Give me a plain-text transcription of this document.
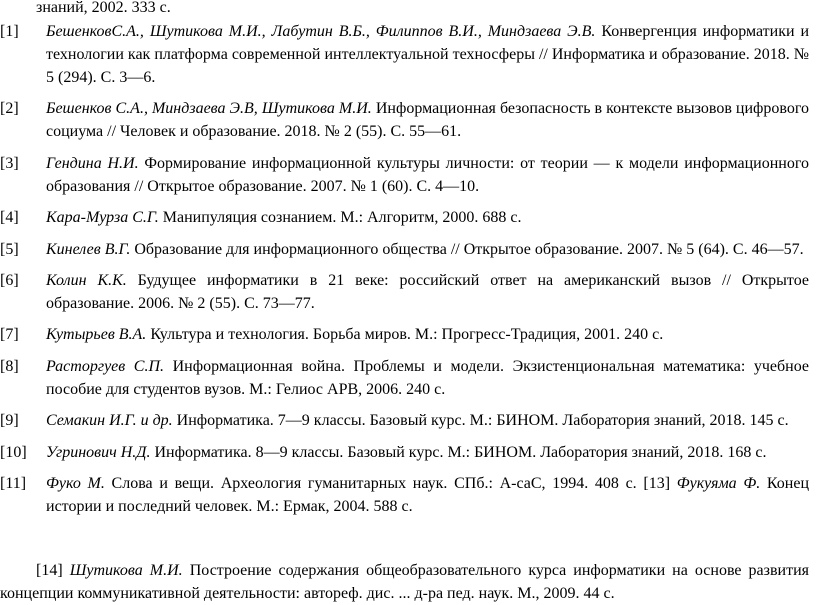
знаний, 2002. 333 с.

[1] БешенковС.А., Шутикова М.И., Лабутин В.Б., Филиппов В.И., Миндзаева Э.В. Конвергенция информатики и технологии как платформа современной интеллектуальной техносферы // Информатика и образование. 2018. № 5 (294). С. 3—6.
[2] Бешенков С.А., Миндзаева Э.В, Шутикова М.И. Информационная безопасность в контексте вызовов цифрового социума // Человек и образование. 2018. № 2 (55). С. 55—61.
[3] Гендина Н.И. Формирование информационной культуры личности: от теории — к модели информационного образования // Открытое образование. 2007. № 1 (60). С. 4—10.
[4] Кара-Мурза С.Г. Манипуляция сознанием. М.: Алгоритм, 2000. 688 с.
[5] Кинелев В.Г. Образование для информационного общества // Открытое образование. 2007. № 5 (64). С. 46—57.
[6] Колин К.К. Будущее информатики в 21 веке: российский ответ на американский вызов // Открытое образование. 2006. № 2 (55). С. 73—77.
[7] Кутырьев В.А. Культура и технология. Борьба миров. М.: Прогресс-Традиция, 2001. 240 с.
[8] Расторгуев С.П. Информационная война. Проблемы и модели. Экзистенциональная математика: учебное пособие для студентов вузов. М.: Гелиос АРВ, 2006. 240 с.
[9] Семакин И.Г. и др. Информатика. 7—9 классы. Базовый курс. М.: БИНОМ. Лаборатория знаний, 2018. 145 с.
[10] Угринович Н.Д. Информатика. 8—9 классы. Базовый курс. М.: БИНОМ. Лаборатория знаний, 2018. 168 с.
[11] Фуко М. Слова и вещи. Археология гуманитарных наук. СПб.: А-саС, 1994. 408 с. [13] Фукуяма Ф. Конец истории и последний человек. М.: Ермак, 2004. 588 с.

[14] Шутикова М.И. Построение содержания общеобразовательного курса информатики на основе развития концепции коммуникативной деятельности: автореф. дис. ... д-ра пед. наук. М., 2009. 44 с.
